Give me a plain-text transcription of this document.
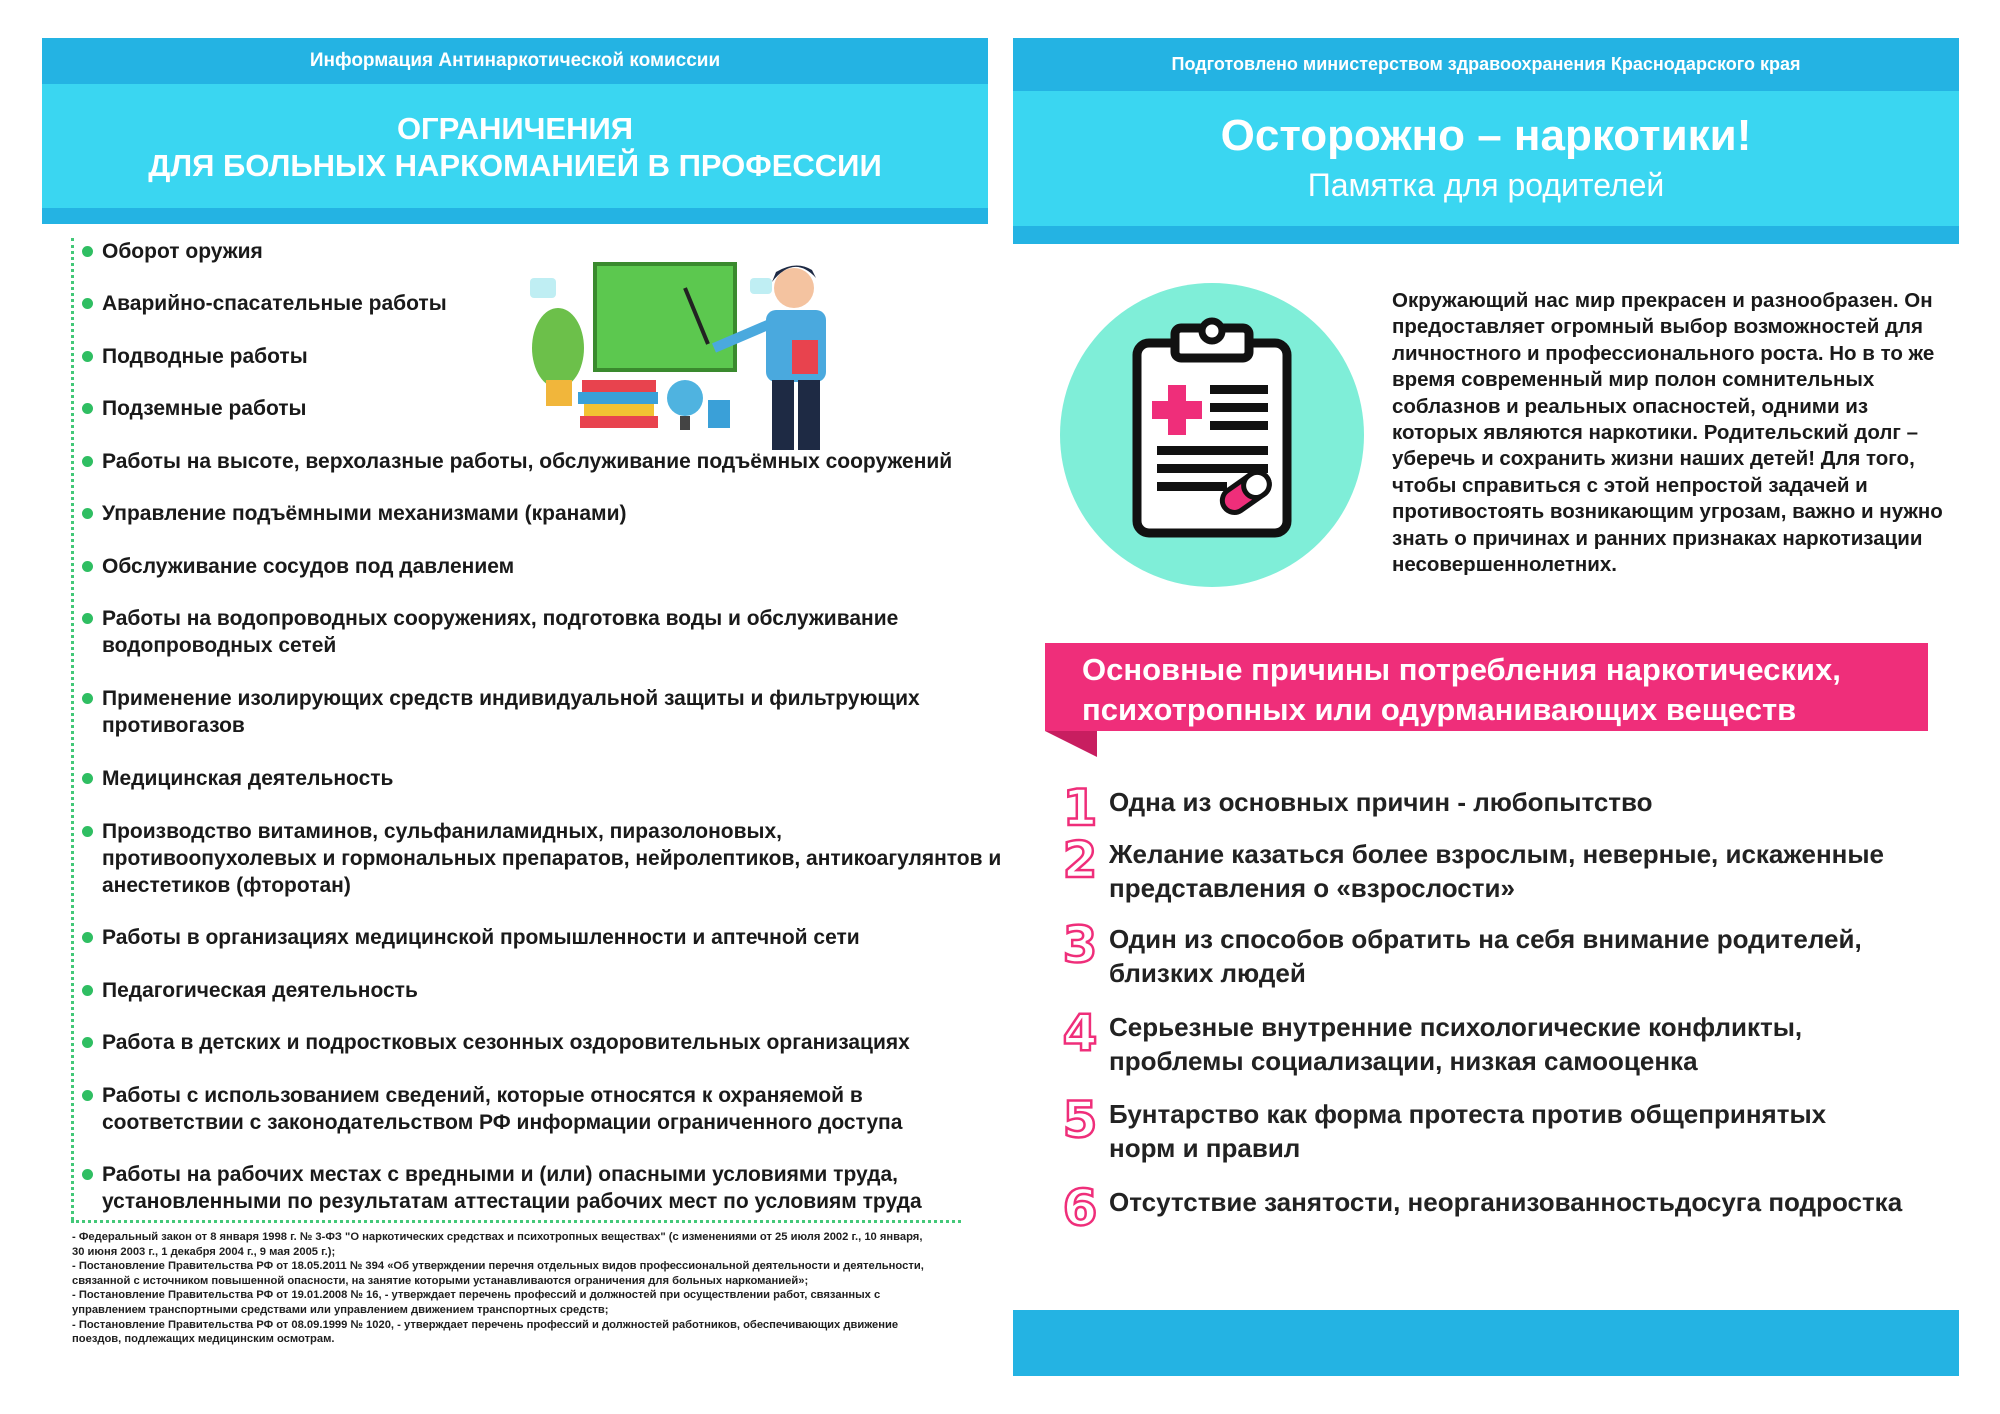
Информация Антинаркотической комиссии
ОГРАНИЧЕНИЯ
ДЛЯ БОЛЬНЫХ НАРКОМАНИЕЙ В ПРОФЕССИИ
Оборот оружия
Аварийно-спасательные работы
Подводные работы
Подземные работы
Работы на высоте, верхолазные работы, обслуживание подъёмных сооружений
Управление подъёмными механизмами (кранами)
Обслуживание сосудов под давлением
Работы на водопроводных сооружениях, подготовка воды и обслуживание водопроводных сетей
Применение изолирующих средств индивидуальной защиты и фильтрующих противогазов
Медицинская деятельность
Производство витаминов, сульфаниламидных, пиразолоновых, противоопухолевых и гормональных препаратов, нейролептиков, антикоагулянтов и анестетиков (фторотан)
Работы в организациях медицинской промышленности и аптечной сети
Педагогическая деятельность
Работа в детских и подростковых сезонных оздоровительных организациях
Работы с использованием сведений, которые относятся к охраняемой в соответствии с законодательством РФ информации ограниченного доступа
Работы на рабочих местах с вредными и (или) опасными условиями труда, установленными по результатам аттестации рабочих мест по условиям труда
- Федеральный закон от 8 января 1998 г. № 3-ФЗ "О наркотических средствах и психотропных веществах" (с изменениями от 25 июля 2002 г., 10 января,
30 июня 2003 г., 1 декабря 2004 г., 9 мая 2005 г.);
- Постановление Правительства РФ от 18.05.2011 № 394 «Об утверждении перечня отдельных видов профессиональной деятельности и деятельности,
связанной с источником повышенной опасности, на занятие которыми устанавливаются ограничения для больных наркоманией»;
- Постановление Правительства РФ от 19.01.2008 № 16, - утверждает перечень профессий и должностей при осуществлении работ, связанных с
управлением транспортными средствами или управлением движением транспортных средств;
- Постановление Правительства РФ от 08.09.1999 № 1020, - утверждает перечень профессий и должностей работников, обеспечивающих движение
поездов, подлежащих медицинским осмотрам.
Подготовлено министерством здравоохранения Краснодарского края
Осторожно – наркотики!
Памятка для родителей
Окружающий нас мир прекрасен и разнообразен. Он предоставляет огромный выбор возможностей для личностного и профессионального роста. Но в то же время современный мир полон сомнительных соблазнов и реальных опасностей, одними из которых являются наркотики. Родительский долг – уберечь и сохранить жизни наших детей! Для того, чтобы справиться с этой непростой задачей и противостоять возникающим угрозам, важно и нужно знать о причинах и ранних признаках наркотизации несовершеннолетних.
Основные причины потребления наркотических, психотропных или одурманивающих веществ
1 Одна из основных причин - любопытство
2 Желание казаться более взрослым, неверные, искаженные представления о «взрослости»
3 Один из способов обратить на себя внимание родителей, близких людей
4 Серьезные внутренние психологические конфликты, проблемы социализации, низкая самооценка
5 Бунтарство как форма протеста против общепринятых норм и правил
6 Отсутствие занятости, неорганизованностьдосуга подростка
